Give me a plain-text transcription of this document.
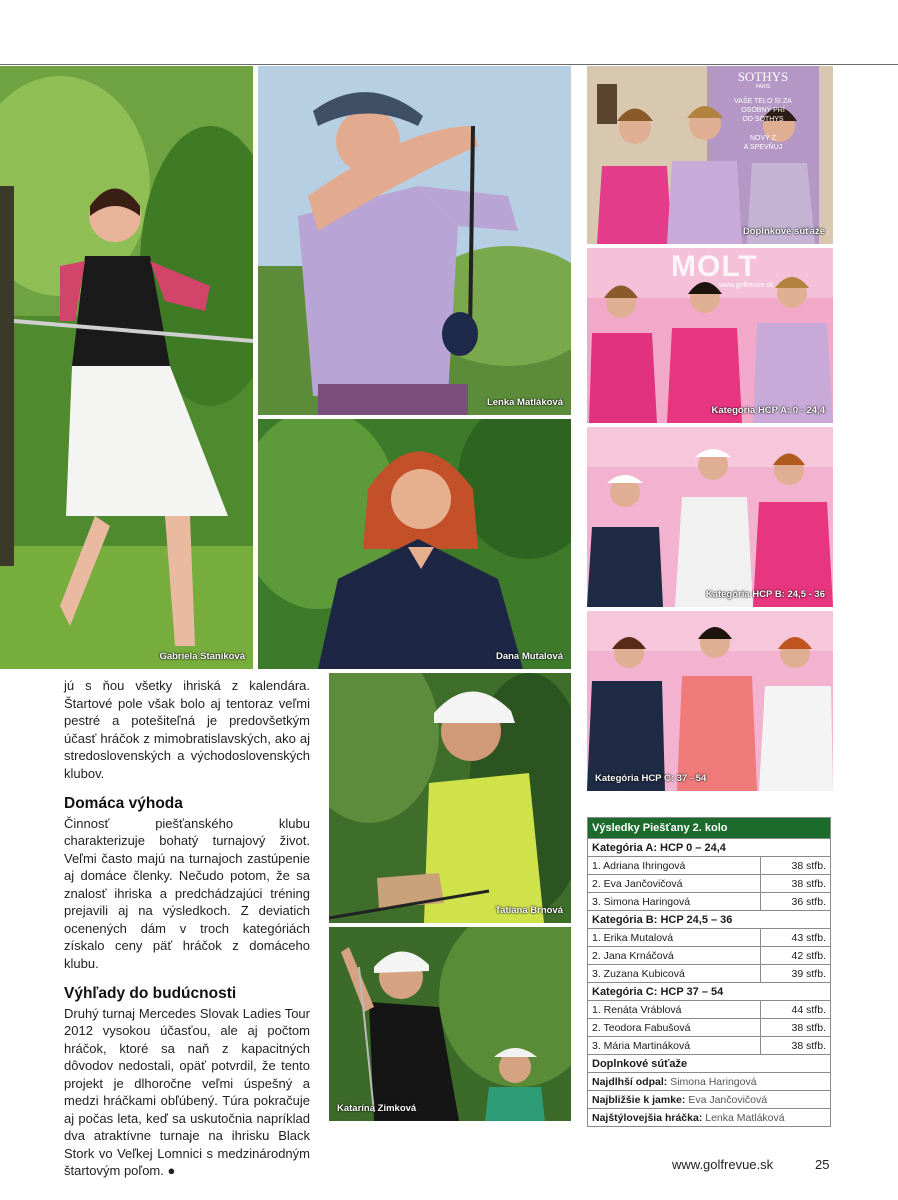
Gabriela Staníková
Lenka Matláková
Dana Mutalová
SOTHYS
PARIS
VAŠE TELO SI ZA
OSOBNÝ PRÍ
OD SOTHYS
NOVÝ Z
A SPEVŇUJ
Doplnkové súťaže
MOLT
www.golfrevue.sk
Kategória HCP A: 0 - 24,4
Kategória HCP B: 24,5 - 36
Kategória HCP C: 37 - 54
Tatiana Brnová
Katarína Zimková

jú s ňou všetky ihriská z kalendára. Štartové pole však bolo aj tentoraz veľmi pestré a potešiteľná je predovšetkým účasť hráčok z mimobratislavských, ako aj stredoslovenských a východoslovenských klubov.

Domáca výhoda

Činnosť piešťanského klubu charakterizuje bohatý turnajový život. Veľmi často majú na turnajoch zastúpenie aj domáce členky. Nečudo potom, že sa znalosť ihriska a predchádzajúci tréning prejavili aj na výsledkoch. Z deviatich ocenených dám v troch kategóriách získalo ceny päť hráčok z domáceho klubu.

Výhľady do budúcnosti

Druhý turnaj Mercedes Slovak Ladies Tour 2012 vysokou účasťou, ale aj počtom hráčok, ktoré sa naň z kapacitných dôvodov nedostali, opäť potvrdil, že tento projekt je dlhoročne veľmi úspešný a medzi hráčkami obľúbený. Túra pokračuje aj počas leta, keď sa uskutočnia napríklad dva atraktívne turnaje na ihrisku Black Stork vo Veľkej Lomnici s medzinárodným štartovým poľom. ●

Výsledky Piešťany 2. kolo	
Kategória A: HCP 0 – 24,4	
1. Adriana Ihringová	38 stfb.
2. Eva Jančovičová	38 stfb.
3. Simona Haringová	36 stfb.
Kategória B: HCP 24,5 – 36	
1. Erika Mutalová	43 stfb.
2. Jana Krnáčová	42 stfb.
3. Zuzana Kubicová	39 stfb.
Kategória C: HCP 37 – 54	
1. Renáta Vráblová	44 stfb.
2. Teodora Fabušová	38 stfb.
3. Mária Martináková	38 stfb.
Doplnkové súťaže	
Najdlhší odpal: Simona Haringová	
Najbližšie k jamke: Eva Jančovičová	
Najštýlovejšia hráčka: Lenka Matláková	
www.golfrevue.sk	25
